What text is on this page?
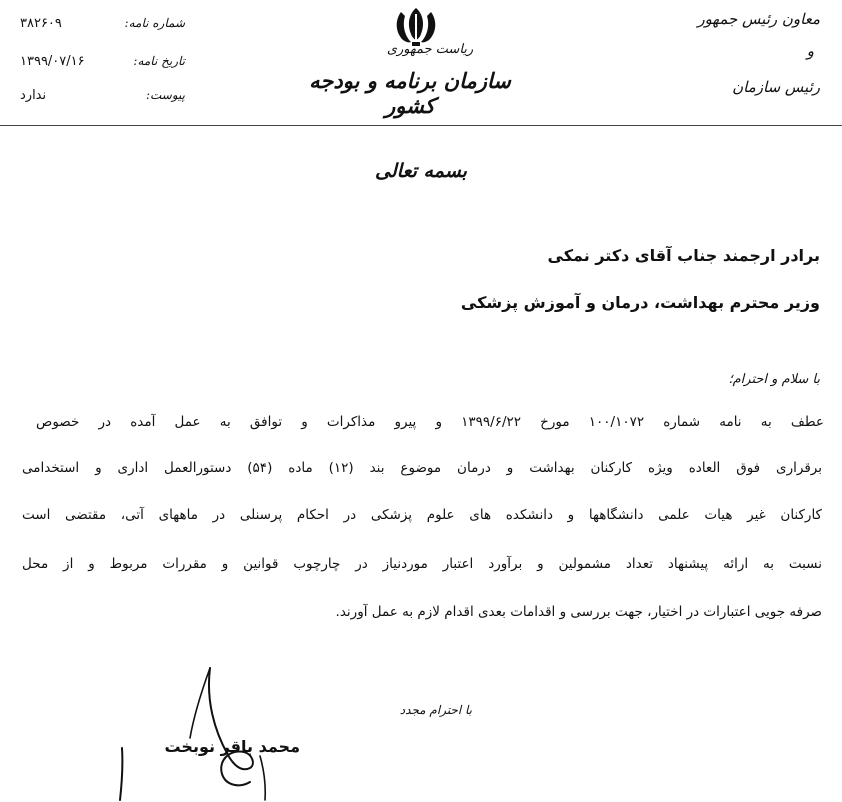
معاون رئیس جمهور
و
رئیس سازمان
ریاست جمهوری
سازمان برنامه و بودجه کشور
شماره نامه:
۳۸۲۶۰۹
تاریخ نامه:
۱۳۹۹/۰۷/۱۶
پیوست:
ندارد
بسمه تعالی
برادر ارجمند جناب آقای دکتر نمکی
وزیر محترم بهداشت، درمان و آموزش پزشکی
با سلام و احترام؛
عطف به نامه شماره ۱۰۰/۱۰۷۲ مورخ ۱۳۹۹/۶/۲۲ و پیرو مذاکرات و توافق به عمل آمده در خصوص
برقراری فوق العاده ویژه کارکنان بهداشت و درمان موضوع بند (۱۲) ماده (۵۴) دستورالعمل اداری و استخدامی
کارکنان غیر هیات علمی دانشگاهها و دانشکده های علوم پزشکی در احکام پرسنلی در ماههای آتی، مقتضی است
نسبت به ارائه پیشنهاد تعداد مشمولین و برآورد اعتبار موردنیاز در چارچوب قوانین و مقررات مربوط و از محل
صرفه جویی اعتبارات در اختیار، جهت بررسی و اقدامات بعدی اقدام لازم به عمل آورند.
با احترام مجدد
محمد باقر نوبخت
